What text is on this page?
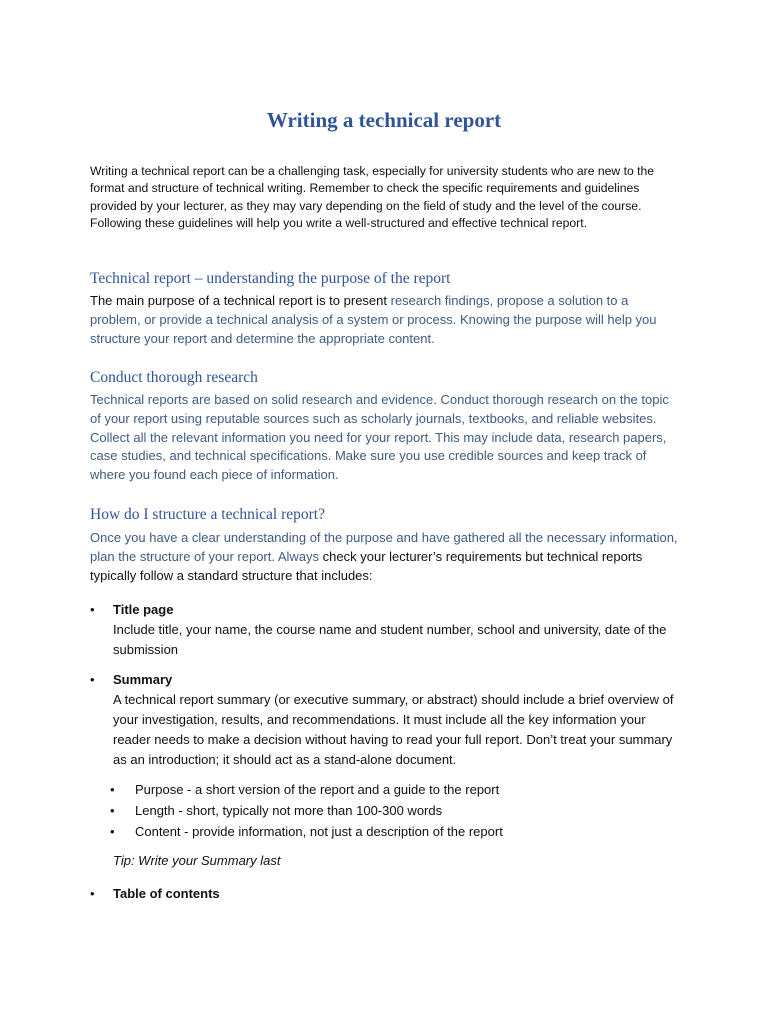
Writing a technical report

Writing a technical report can be a challenging task, especially for university students who are new to the format and structure of technical writing. Remember to check the specific requirements and guidelines provided by your lecturer, as they may vary depending on the field of study and the level of the course. Following these guidelines will help you write a well-structured and effective technical report.

Technical report – understanding the purpose of the report

The main purpose of a technical report is to present research findings, propose a solution to a problem, or provide a technical analysis of a system or process. Knowing the purpose will help you structure your report and determine the appropriate content.

Conduct thorough research

Technical reports are based on solid research and evidence. Conduct thorough research on the topic of your report using reputable sources such as scholarly journals, textbooks, and reliable websites. Collect all the relevant information you need for your report. This may include data, research papers, case studies, and technical specifications. Make sure you use credible sources and keep track of where you found each piece of information.

How do I structure a technical report?

Once you have a clear understanding of the purpose and have gathered all the necessary information, plan the structure of your report. Always check your lecturer’s requirements but technical reports typically follow a standard structure that includes:

• Title page
Include title, your name, the course name and student number, school and university, date of the submission
• Summary
A technical report summary (or executive summary, or abstract) should include a brief overview of your investigation, results, and recommendations. It must include all the key information your reader needs to make a decision without having to read your full report. Don’t treat your summary as an introduction; it should act as a stand-alone document.
• Table of contents
• Purpose - a short version of the report and a guide to the report
• Length - short, typically not more than 100-300 words
• Content - provide information, not just a description of the report

Tip: Write your Summary last
